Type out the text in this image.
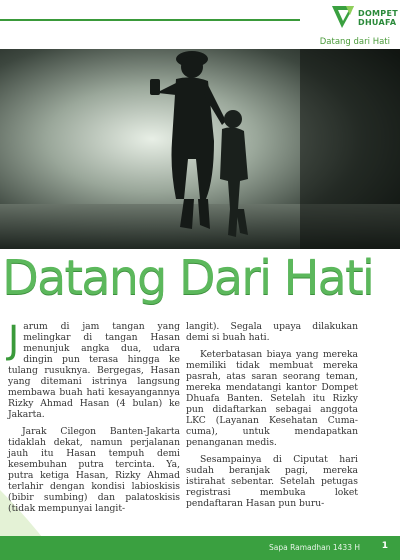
DOMPET
DHUAFA
Datang dari Hati
Datang Dari Hati

Jarum di jam tangan yang melingkar di tangan Hasan menunjuk angka dua, udara dingin pun terasa hingga ke tulang rusuknya. Bergegas, Hasan yang ditemani istrinya langsung membawa buah hati kesayangannya Rizky Ahmad Hasan (4 bulan) ke Jakarta.

Jarak Cilegon Banten-Jakarta tidaklah dekat, namun perjalanan jauh itu Hasan tempuh demi kesembuhan putra tercinta. Ya, putra ketiga Hasan, Rizky Ahmad terlahir dengan kondisi labioskisis (bibir sumbing) dan palatoskisis (tidak mempunyai langit-

langit). Segala upaya dilakukan demi si buah hati.

Keterbatasan biaya yang mereka memiliki tidak membuat mereka pasrah, atas saran seorang teman, mereka mendatangi kantor Dompet Dhuafa Banten. Setelah itu Rizky pun didaftarkan sebagai anggota LKC (Layanan Kesehatan Cuma-cuma), untuk mendapatkan penanganan medis.

Sesampainya di Ciputat hari sudah beranjak pagi, mereka istirahat sebentar. Setelah petugas registrasi membuka loket pendaftaran Hasan pun buru-

Sapa Ramadhan 1433 H 1
